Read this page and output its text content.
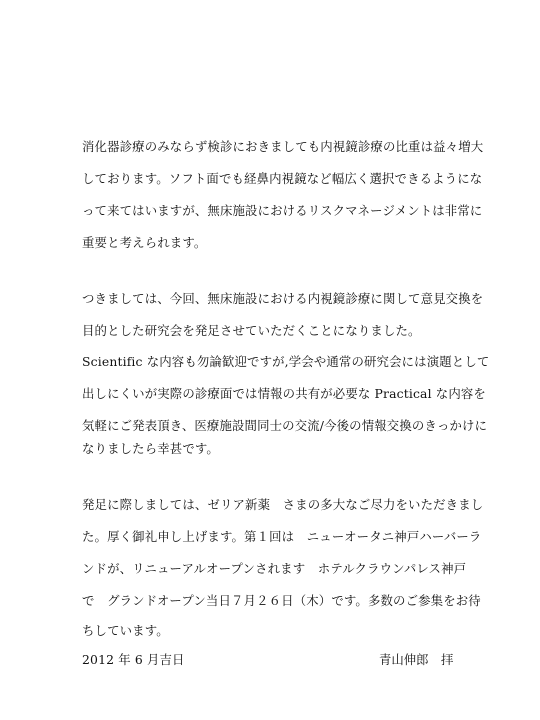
消化器診療のみならず検診におきましても内視鏡診療の比重は益々増大
しております。ソフト面でも経鼻内視鏡など幅広く選択できるようにな
って来てはいますが、無床施設におけるリスクマネージメントは非常に
重要と考えられます。
つきましては、今回、無床施設における内視鏡診療に関して意見交換を
目的とした研究会を発足させていただくことになりました。
Scientific な内容も勿論歓迎ですが,学会や通常の研究会には演題として
出しにくいが実際の診療面では情報の共有が必要な Practical な内容を
気軽にご発表頂き、医療施設間同士の交流/今後の情報交換のきっかけに
なりましたら幸甚です。
発足に際しましては、ゼリア新薬　さまの多大なご尽力をいただきまし
た。厚く御礼申し上げます。第１回は　ニューオータニ神戸ハーバーラ
ンドが、リニューアルオープンされます　ホテルクラウンパレス神戸
で　グランドオープン当日７月２６日（木）です。多数のご参集をお待
ちしています。
2012 年 6 月吉日	青山伸郎　拝
